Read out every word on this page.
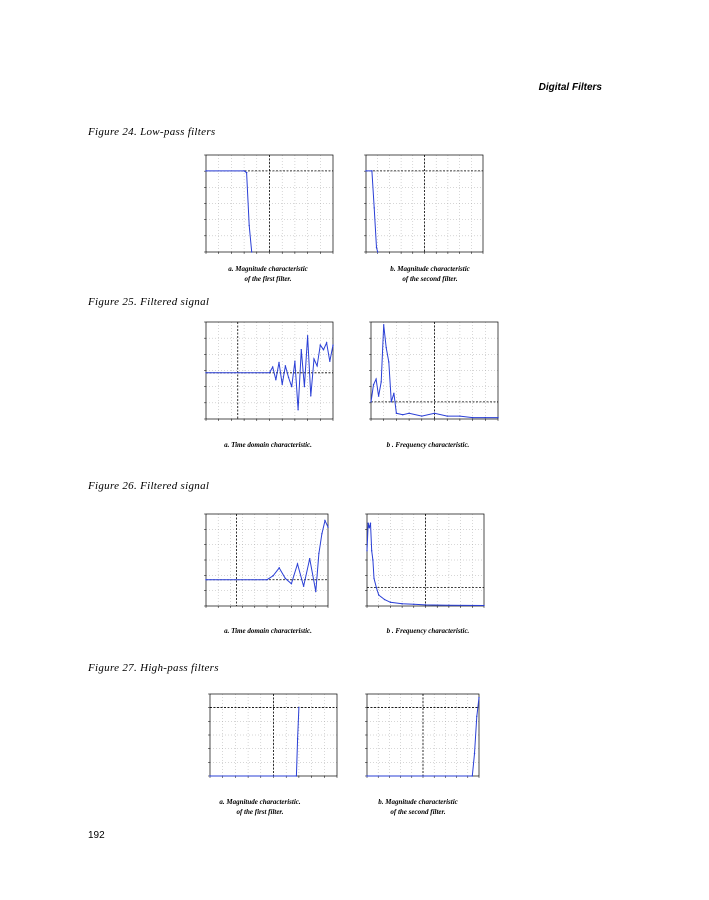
Digital Filters
Figure 24. Low-pass filters
a. Magnitude characteristic
of the first filter.
b. Magnitude characteristic
of the second filter.
Figure 25. Filtered signal
a. Time domain characteristic.	b . Frequency characteristic.
Figure 26. Filtered signal
a. Time domain characteristic.	b . Frequency characteristic.
Figure 27. High-pass filters
a. Magnitude characteristic.
of the first filter.
b. Magnitude characteristic
of the second filter.
192
